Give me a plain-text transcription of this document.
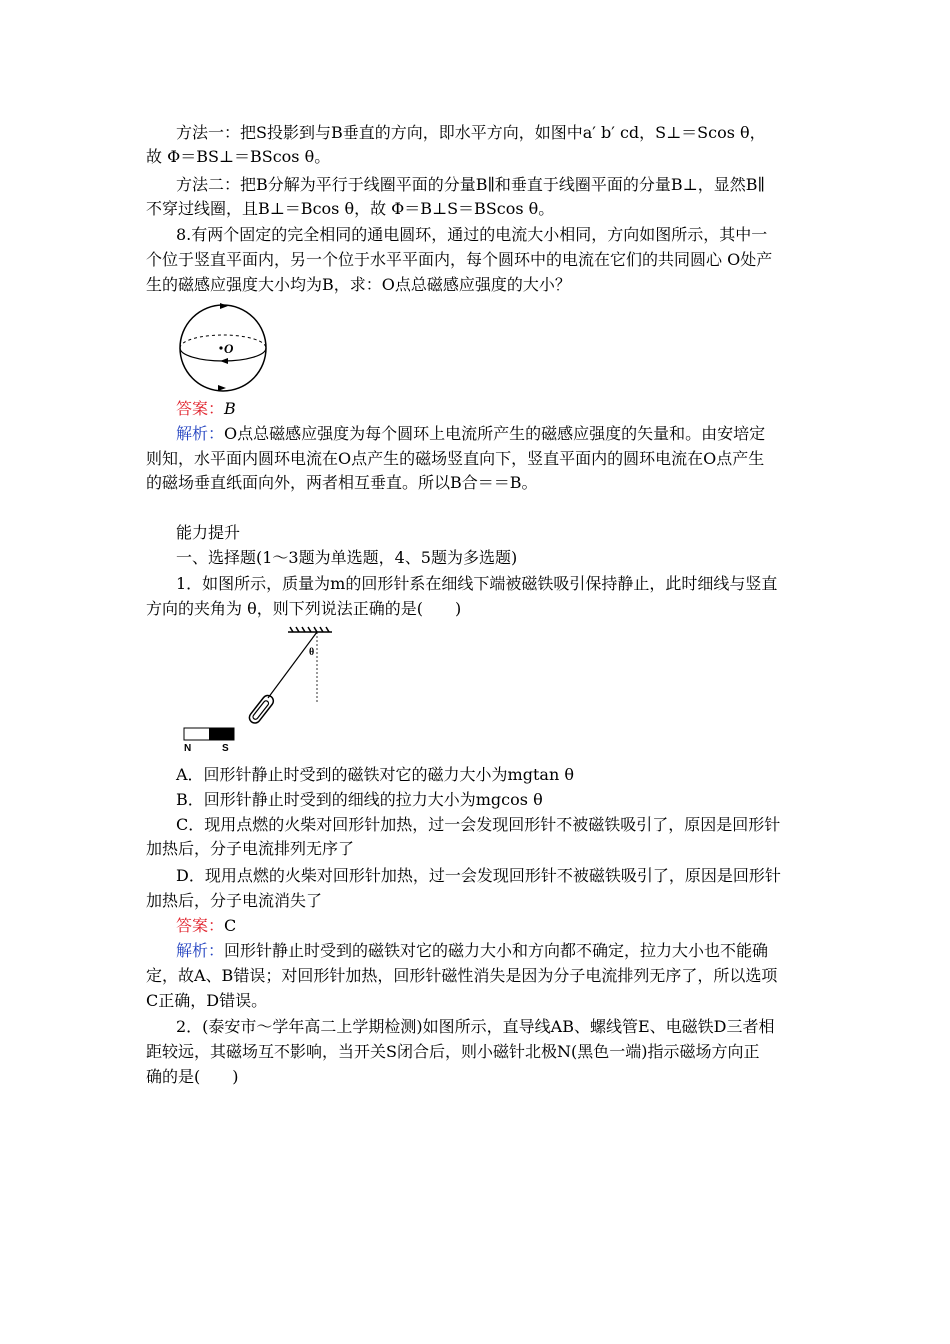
方法一：把S投影到与B垂直的方向，即水平方向，如图中a′ b′ cd，S⊥＝Scos θ，
故 Φ＝BS⊥＝BScos θ。
方法二：把B分解为平行于线圈平面的分量B∥和垂直于线圈平面的分量B⊥，显然B∥
不穿过线圈，且B⊥＝Bcos θ，故 Φ＝B⊥S＝BScos θ。
8.有两个固定的完全相同的通电圆环，通过的电流大小相同，方向如图所示，其中一
个位于竖直平面内，另一个位于水平平面内，每个圆环中的电流在它们的共同圆心 O处产
生的磁感应强度大小均为B，求：O点总磁感应强度的大小？
O
答案：B
解析：O点总磁感应强度为每个圆环上电流所产生的磁感应强度的矢量和。由安培定
则知，水平面内圆环电流在O点产生的磁场竖直向下，竖直平面内的圆环电流在O点产生
的磁场垂直纸面向外，两者相互垂直。所以B合＝＝B。
能力提升
一、选择题(1～3题为单选题，4、5题为多选题)
1．如图所示，质量为m的回形针系在细线下端被磁铁吸引保持静止，此时细线与竖直
方向的夹角为 θ，则下列说法正确的是(　　)
θ
N	S
A．回形针静止时受到的磁铁对它的磁力大小为mgtan θ
B．回形针静止时受到的细线的拉力大小为mgcos θ
C．现用点燃的火柴对回形针加热，过一会发现回形针不被磁铁吸引了，原因是回形针
加热后，分子电流排列无序了
D．现用点燃的火柴对回形针加热，过一会发现回形针不被磁铁吸引了，原因是回形针
加热后，分子电流消失了
答案：C
解析：回形针静止时受到的磁铁对它的磁力大小和方向都不确定，拉力大小也不能确
定，故A、B错误；对回形针加热，回形针磁性消失是因为分子电流排列无序了，所以选项
C正确，D错误。
2．(泰安市～学年高二上学期检测)如图所示，直导线AB、螺线管E、电磁铁D三者相
距较远，其磁场互不影响，当开关S闭合后，则小磁针北极N(黑色一端)指示磁场方向正
确的是(　　)
